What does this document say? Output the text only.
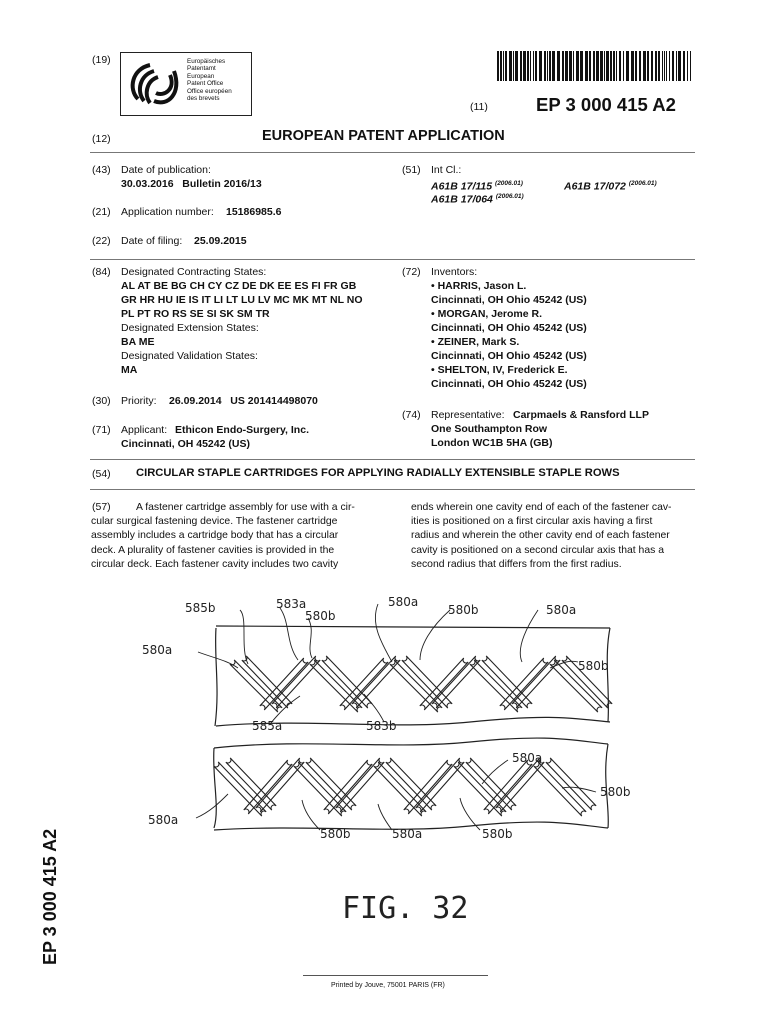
(19)	Europäisches
Patentamt
European
Patent Office
Office européen
des brevets
(11)	EP 3 000 415 A2
(12)	EUROPEAN PATENT APPLICATION
(43) Date of publication:
30.03.2016   Bulletin 2016/13
(21) Application number: 15186985.6
(22) Date of filing: 25.09.2015
(84) Designated Contracting States:
AL AT BE BG CH CY CZ DE DK EE ES FI FR GB
GR HR HU IE IS IT LI LT LU LV MC MK MT NL NO
PL PT RO RS SE SI SK SM TR
Designated Extension States:
BA ME
Designated Validation States:
MA
(30) Priority: 26.09.2014   US 201414498070
(71) Applicant: Ethicon Endo-Surgery, Inc.
Cincinnati, OH 45242 (US)
(51) Int Cl.:
A61B 17/115 $^{(2006.01)}$	A61B 17/072 $^{(2006.01)}$
A61B 17/064 $^{(2006.01)}$
(72) Inventors:
• HARRIS, Jason L.
Cincinnati, OH Ohio 45242 (US)
• MORGAN, Jerome R.
Cincinnati, OH Ohio 45242 (US)
• ZEINER, Mark S.
Cincinnati, OH Ohio 45242 (US)
• SHELTON, IV, Frederick E.
Cincinnati, OH Ohio 45242 (US)
(74) Representative: Carpmaels & Ransford LLP
One Southampton Row
London WC1B 5HA (GB)
(54) CIRCULAR STAPLE CARTRIDGES FOR APPLYING RADIALLY EXTENSIBLE STAPLE ROWS
(57)	A fastener cartridge assembly for use with a cir-
cular surgical fastening device. The fastener cartridge
assembly includes a cartridge body that has a circular
deck. A plurality of fastener cavities is provided in the
circular deck. Each fastener cavity includes two cavity
ends wherein one cavity end of each of the fastener cav-
ities is positioned on a first circular axis having a first
radius and wherein the other cavity end of each fastener
cavity is positioned on a second circular axis that has a
second radius that differs from the first radius.
585b	583a
580b
580a
580b	580a
580a
580b
585a	583b
580a
580b	580a	580b
580a
580b
FIG. 32
EP 3 000 415 A2
Printed by Jouve, 75001 PARIS (FR)
